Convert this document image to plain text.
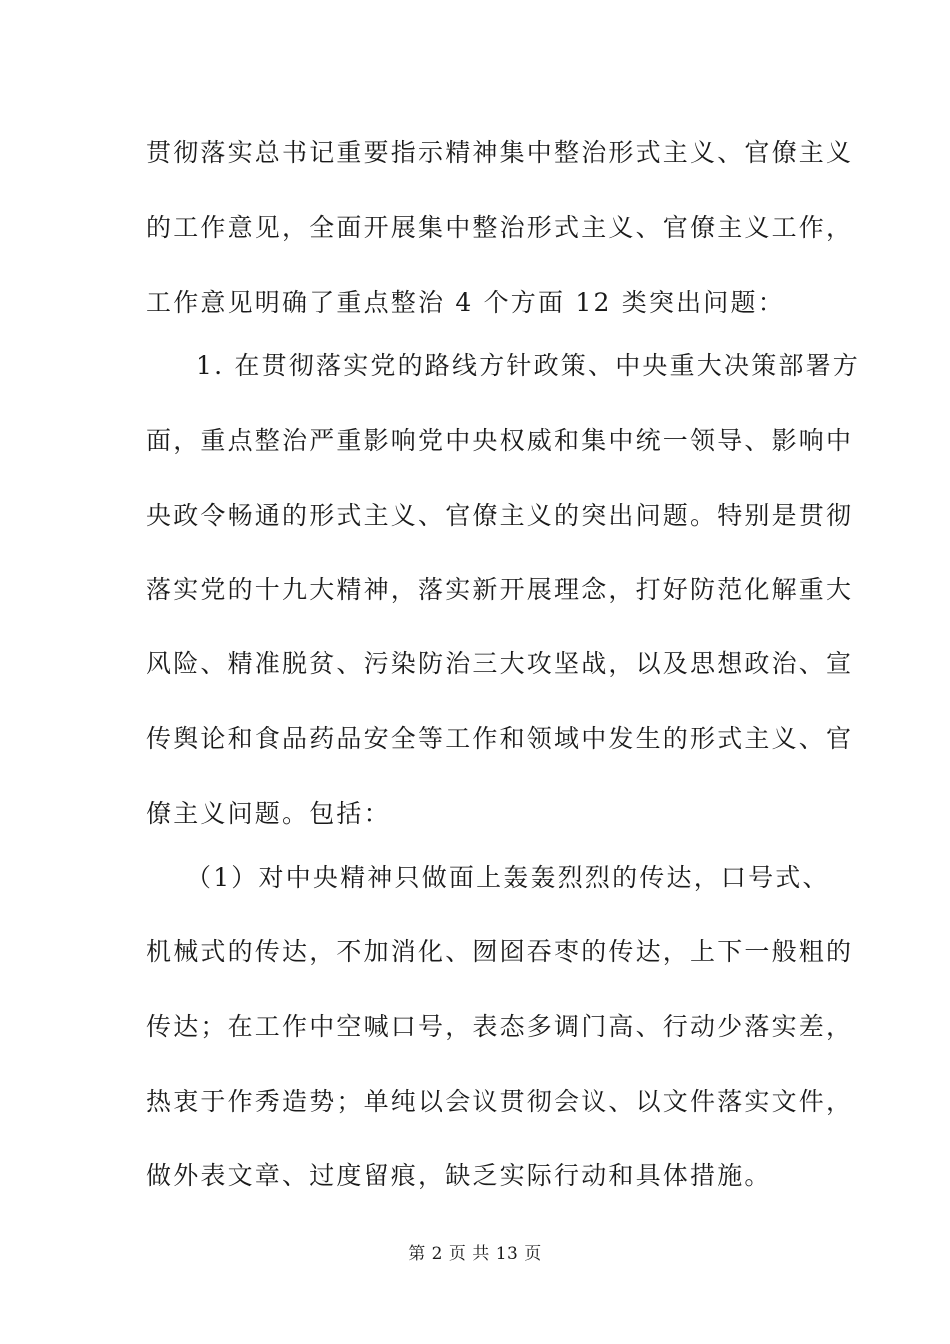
贯彻落实总书记重要指示精神集中整治形式主义、官僚主义
的工作意见，全面开展集中整治形式主义、官僚主义工作，
工作意见明确了重点整治 4 个方面 12 类突出问题：
1. 在贯彻落实党的路线方针政策、中央重大决策部署方
面，重点整治严重影响党中央权威和集中统一领导、影响中
央政令畅通的形式主义、官僚主义的突出问题。特别是贯彻
落实党的十九大精神，落实新开展理念，打好防范化解重大
风险、精准脱贫、污染防治三大攻坚战，以及思想政治、宣
传舆论和食品药品安全等工作和领域中发生的形式主义、官
僚主义问题。包括：
（1）对中央精神只做面上轰轰烈烈的传达，口号式、
机械式的传达，不加消化、囫囵吞枣的传达，上下一般粗的
传达；在工作中空喊口号，表态多调门高、行动少落实差，
热衷于作秀造势；单纯以会议贯彻会议、以文件落实文件，
做外表文章、过度留痕，缺乏实际行动和具体措施。
第 2 页 共 13 页
